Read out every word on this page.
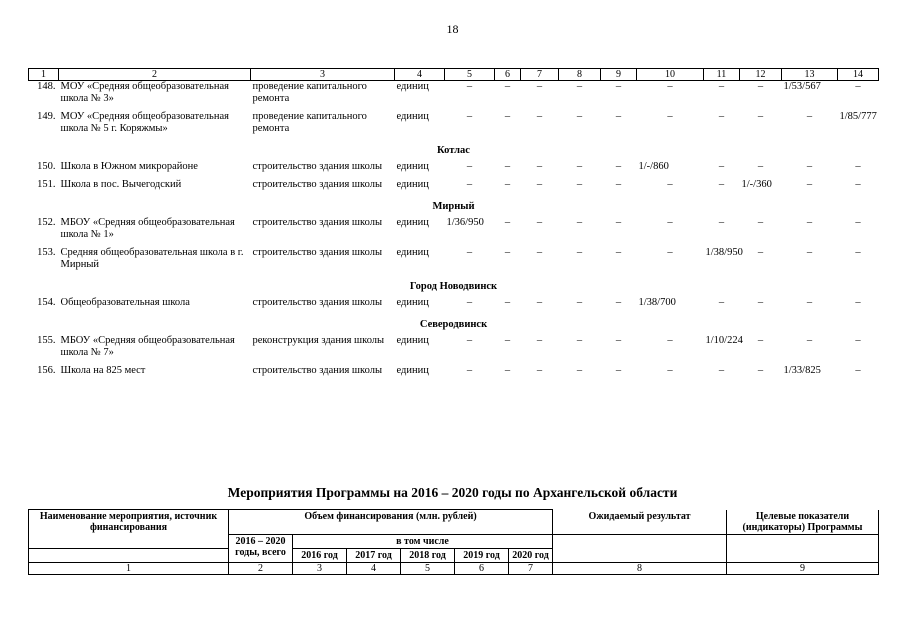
18
1	2	3	4	5	6	7	8	9	10	11	12	13	14
148.	МОУ «Средняя общеобразовательная школа № 3»	проведение капитального ремонта	единиц	–	–	–	–	–	–	–	–	1/53/567	–

149.	МОУ «Средняя общеобразовательная школа № 5 г. Коряжмы»	проведение капитального ремонта	единиц	–	–	–	–	–	–	–	–	–	1/85/777

Котлас													
150.	Школа в Южном микрорайоне	строительство здания школы	единиц	–	–	–	–	–	1/-/860	–	–	–	–

151.	Школа в пос. Вычегодский	строительство здания школы	единиц	–	–	–	–	–	–	–	1/-/360	–	–

Мирный													
152.	МБОУ «Средняя общеобразовательная школа № 1»	строительство здания школы	единиц	1/36/950	–	–	–	–	–	–	–	–	–

153.	Средняя общеобразовательная школа в г. Мирный	строительство здания школы	единиц	–	–	–	–	–	–	1/38/950	–	–	–

Город Новодвинск													
154.	Общеобразовательная школа	строительство здания школы	единиц	–	–	–	–	–	1/38/700	–	–	–	–

Северодвинск													
155.	МБОУ «Средняя общеобразовательная школа № 7»	реконструкция здания школы	единиц	–	–	–	–	–	–	1/10/224	–	–	–

156.	Школа на 825 мест	строительство здания школы	единиц	–	–	–	–	–	–	–	–	1/33/825	–

Мероприятия Программы на 2016 – 2020 годы по Архангельской области
Наименование мероприятия, источник финансирования	Объем финансирования (млн. рублей)						Ожидаемый результат	Целевые показатели (индикаторы) Программы
	2016 – 2020 годы, всего	в том числе						
		2016 год	2017 год	2018 год	2019 год	2020 год		
1	2	3	4	5	6	7	8	9
